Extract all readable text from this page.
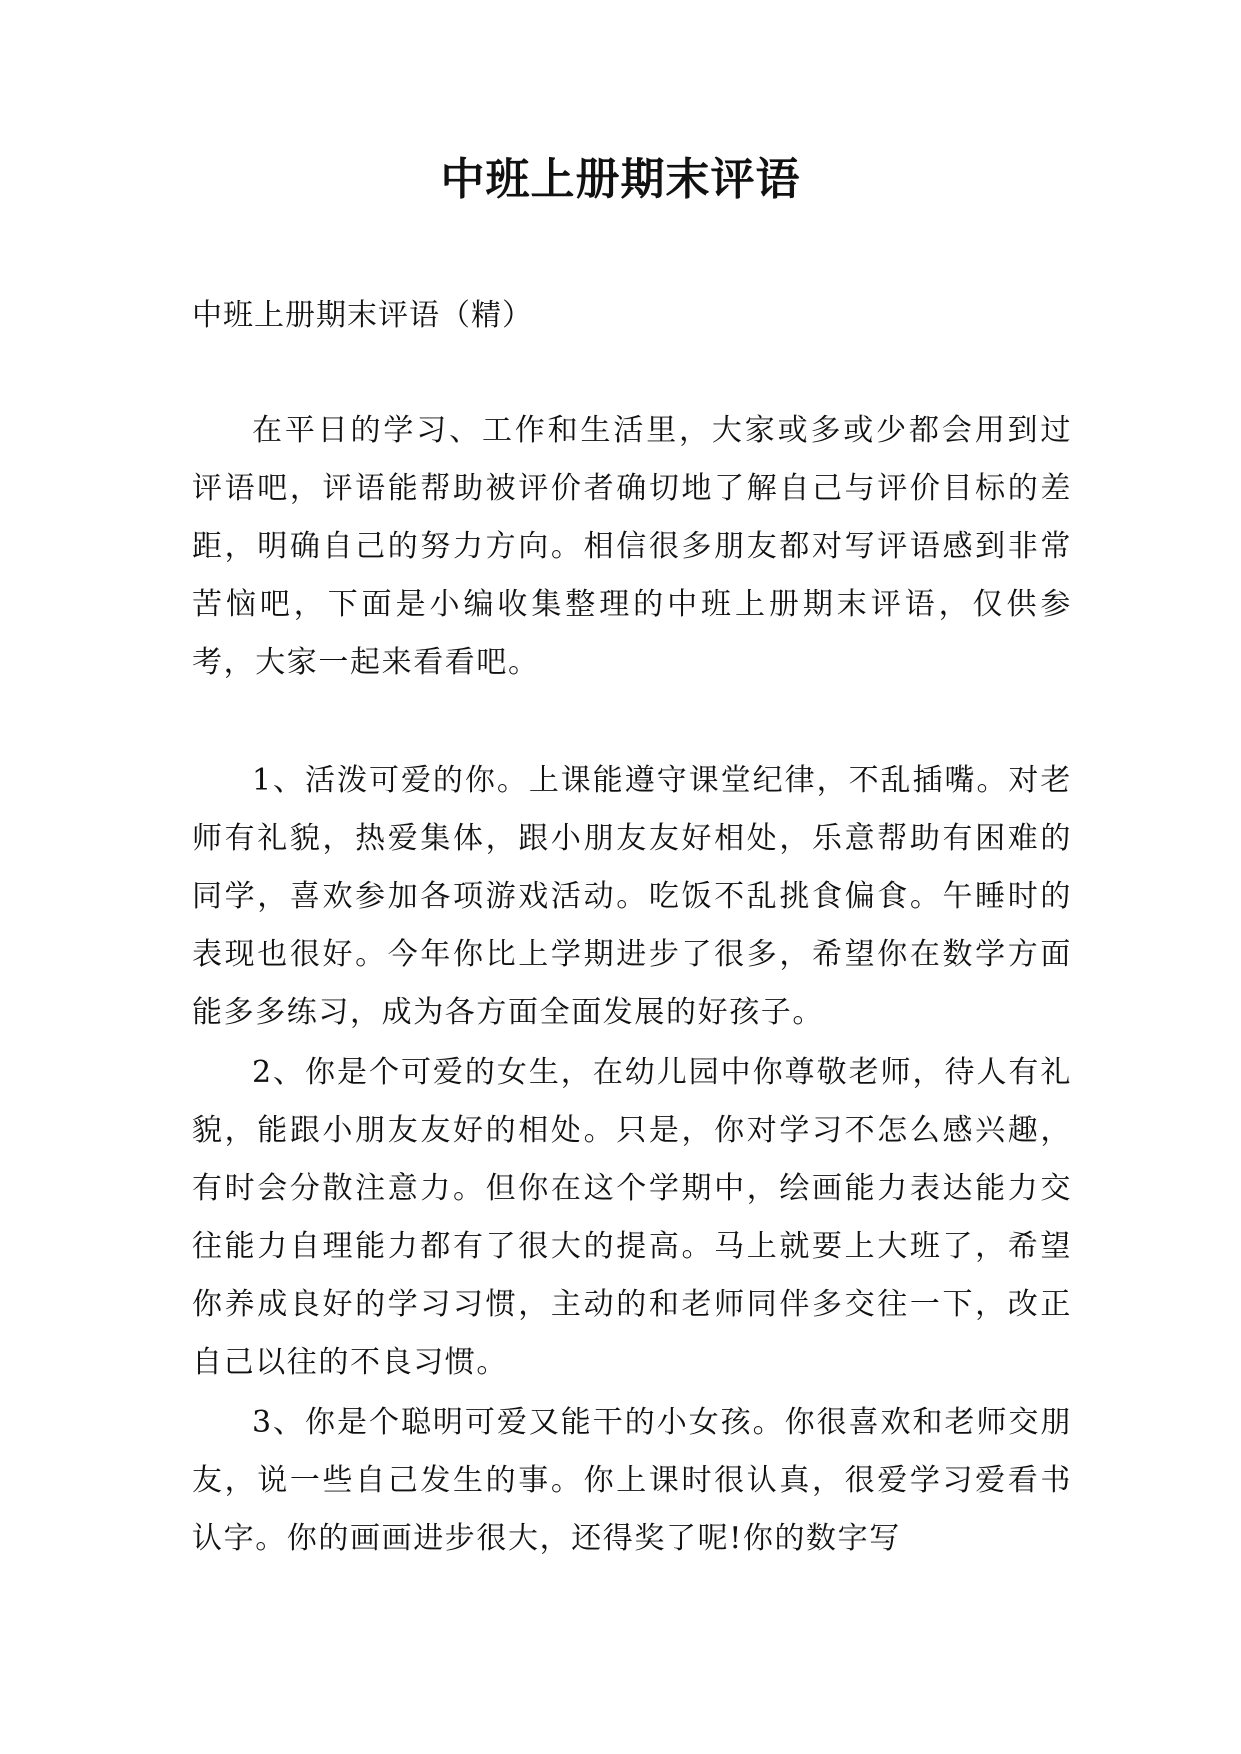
中班上册期末评语
中班上册期末评语（精）

在平日的学习、工作和生活里，大家或多或少都会用到过评语吧，评语能帮助被评价者确切地了解自己与评价目标的差距，明确自己的努力方向。相信很多朋友都对写评语感到非常苦恼吧，下面是小编收集整理的中班上册期末评语，仅供参考，大家一起来看看吧。

1、活泼可爱的你。上课能遵守课堂纪律，不乱插嘴。对老师有礼貌，热爱集体，跟小朋友友好相处，乐意帮助有困难的同学，喜欢参加各项游戏活动。吃饭不乱挑食偏食。午睡时的表现也很好。今年你比上学期进步了很多，希望你在数学方面能多多练习，成为各方面全面发展的好孩子。

2、你是个可爱的女生，在幼儿园中你尊敬老师，待人有礼貌，能跟小朋友友好的相处。只是，你对学习不怎么感兴趣，有时会分散注意力。但你在这个学期中，绘画能力表达能力交往能力自理能力都有了很大的提高。马上就要上大班了，希望你养成良好的学习习惯，主动的和老师同伴多交往一下，改正自己以往的不良习惯。

3、你是个聪明可爱又能干的小女孩。你很喜欢和老师交朋友，说一些自己发生的事。你上课时很认真，很爱学习爱看书认字。你的画画进步很大，还得奖了呢!你的数字写
